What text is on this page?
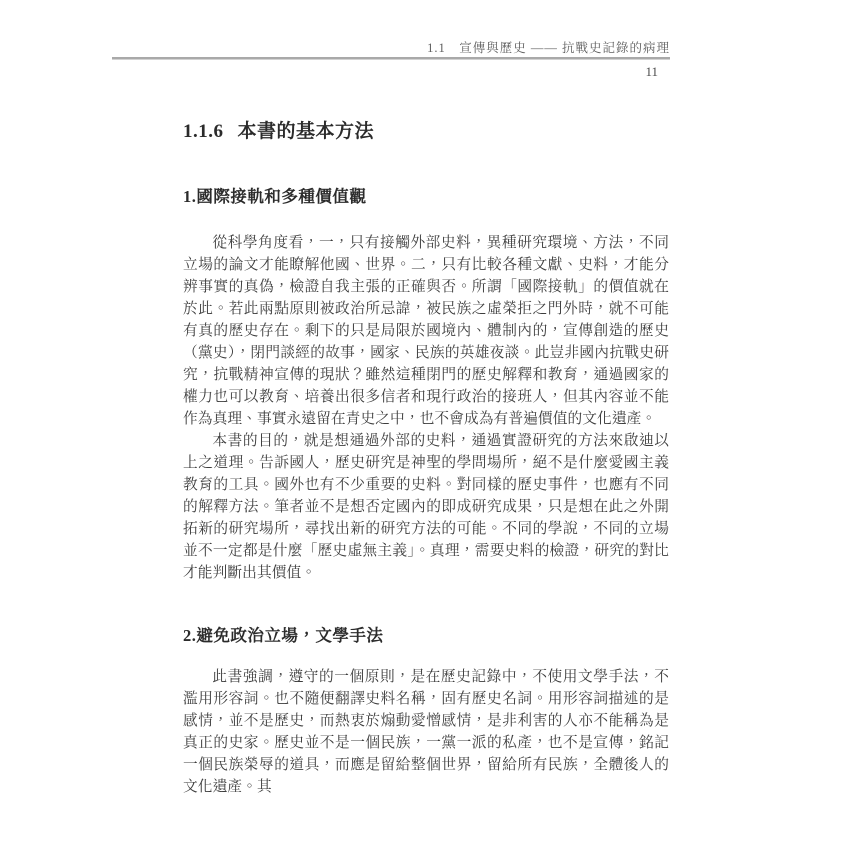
1.1　宣傳與歷史 —— 抗戰史記錄的病理
11
1.1.6 本書的基本方法
1.國際接軌和多種價值觀

從科學角度看，一，只有接觸外部史料，異種研究環境、方法，不同立場的論文才能瞭解他國、世界。二，只有比較各種文獻、史料，才能分辨事實的真偽，檢證自我主張的正確與否。所謂「國際接軌」的價值就在於此。若此兩點原則被政治所忌諱，被民族之虛榮拒之門外時，就不可能有真的歷史存在。剩下的只是局限於國境內、體制內的，宣傳創造的歷史（黨史），閉門談經的故事，國家、民族的英雄夜談。此豈非國內抗戰史研究，抗戰精神宣傳的現狀？雖然這種閉門的歷史解釋和教育，通過國家的權力也可以教育、培養出很多信者和現行政治的接班人，但其內容並不能作為真理、事實永遠留在青史之中，也不會成為有普遍價值的文化遺產。

本書的目的，就是想通過外部的史料，通過實證研究的方法來啟迪以上之道理。告訴國人，歷史研究是神聖的學問場所，絕不是什麼愛國主義教育的工具。國外也有不少重要的史料。對同樣的歷史事件，也應有不同的解釋方法。筆者並不是想否定國內的即成研究成果，只是想在此之外開拓新的研究場所，尋找出新的研究方法的可能。不同的學說，不同的立場並不一定都是什麼「歷史虛無主義」。真理，需要史料的檢證，研究的對比才能判斷出其價值。

2.避免政治立場，文學手法

此書強調，遵守的一個原則，是在歷史記錄中，不使用文學手法，不濫用形容詞。也不隨便翻譯史料名稱，固有歷史名詞。用形容詞描述的是感情，並不是歷史，而熱衷於煽動愛憎感情，是非利害的人亦不能稱為是真正的史家。歷史並不是一個民族，一黨一派的私產，也不是宣傳，銘記一個民族榮辱的道具，而應是留給整個世界，留給所有民族，全體後人的文化遺產。其
